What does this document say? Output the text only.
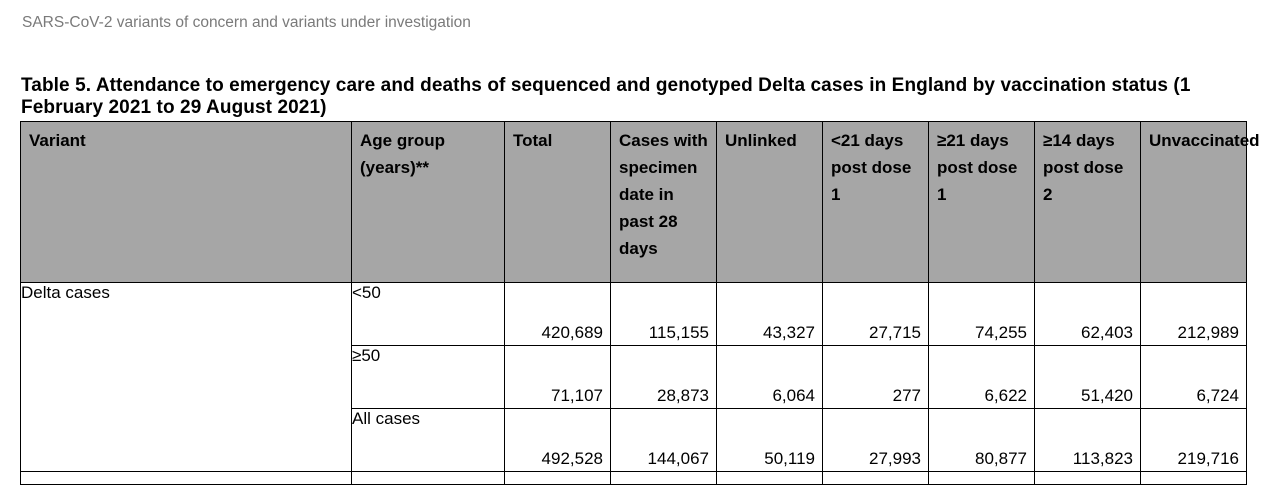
SARS-CoV-2 variants of concern and variants under investigation
Table 5. Attendance to emergency care and deaths of sequenced and genotyped Delta cases in England by vaccination status (1 February 2021 to 29 August 2021)
Variant	Age group (years)**	Total	Cases with specimen date in past 28 days	Unlinked	<21 days post dose 1	≥21 days post dose 1	≥14 days post dose 2	Unvaccinated
Delta cases	<50	420,689	115,155	43,327	27,715	74,255	62,403	212,989

	≥50	71,107	28,873	6,064	277	6,622	51,420	6,724

	All cases	492,528	144,067	50,119	27,993	80,877	113,823	219,716
